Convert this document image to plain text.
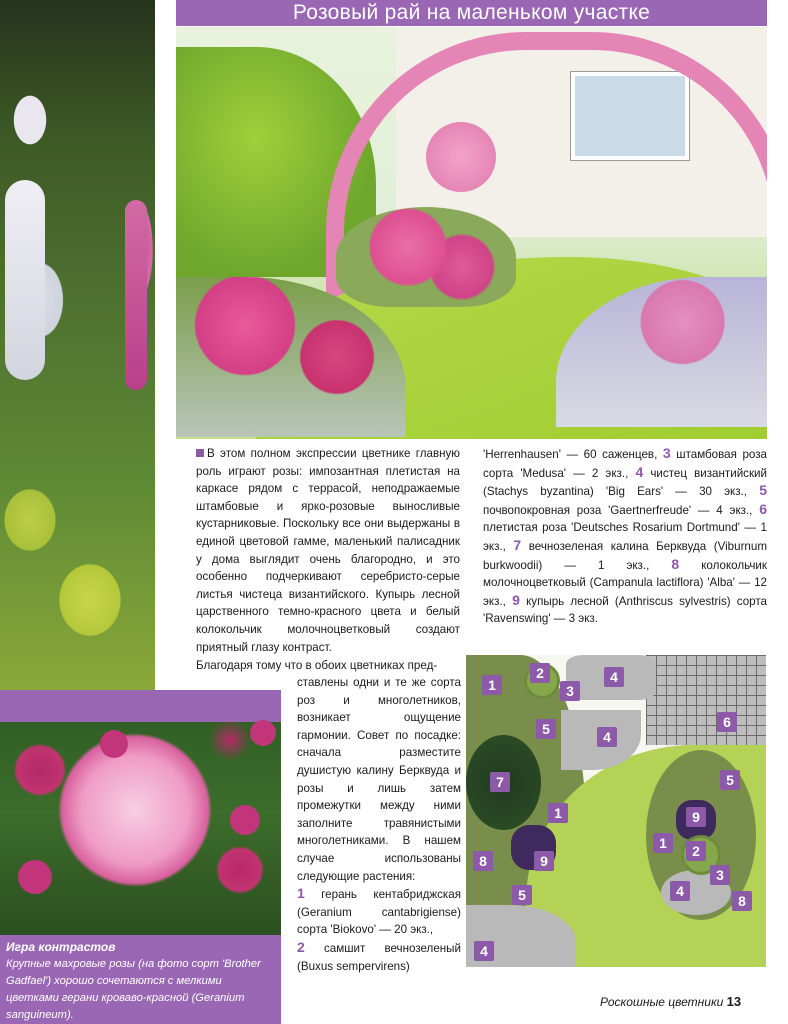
Розовый рай на маленьком участке

В этом полном экспрессии цветнике главную роль играют розы: импозантная плетистая на каркасе рядом с террасой, неподражаемые штамбовые и ярко-розовые выносливые кустарниковые. Поскольку все они выдержаны в единой цветовой гамме, маленький палисадник у дома выглядит очень благородно, и это особенно подчеркивают серебристо-серые листья чистеца византийского. Купырь лесной царственного темно-красного цвета и белый колокольчик молочноцветковый создают приятный глазу контраст.

'Herrenhausen' — 60 саженцев, 3 штамбовая роза сорта 'Medusa' — 2 экз., 4 чистец византийский (Stachys byzantina) 'Big Ears' — 30 экз., 5 почвопокровная роза 'Gaertnerfreude' — 4 экз., 6 плетистая роза 'Deutsches Rosarium Dortmund' — 1 экз., 7 вечнозеленая калина Берквуда (Viburnum burkwoodii) — 1 экз., 8 колокольчик молочноцветковый (Campanula lactiflora) 'Alba' — 12 экз., 9 купырь лесной (Anthriscus sylvestris) сорта 'Ravenswing' — 3 экз.

Благодаря тому что в обоих цветниках пред-

ставлены одни и те же сорта роз и многолетников, возникает ощущение гармонии. Совет по посадке: сначала разместите душистую калину Берквуда и розы и лишь затем промежутки между ними заполните травянистыми многолетниками. В нашем случае использованы следующие растения:
1 герань кентабриджская (Geranium cantabrigiense) сорта 'Biokovo' — 20 экз.,
2 самшит вечнозеленый (Buxus sempervirens)

1
2
3
4
4
5	6
4
7
5
1
9
8
1	2
9
3
5
8
4
Игра контрастов
Крупные махровые розы (на фото сорт 'Brother Gadfael') хорошо сочетаются с мелкими цветками герани кроваво-красной (Geranium sanguineum).
Роскошные цветники 13
